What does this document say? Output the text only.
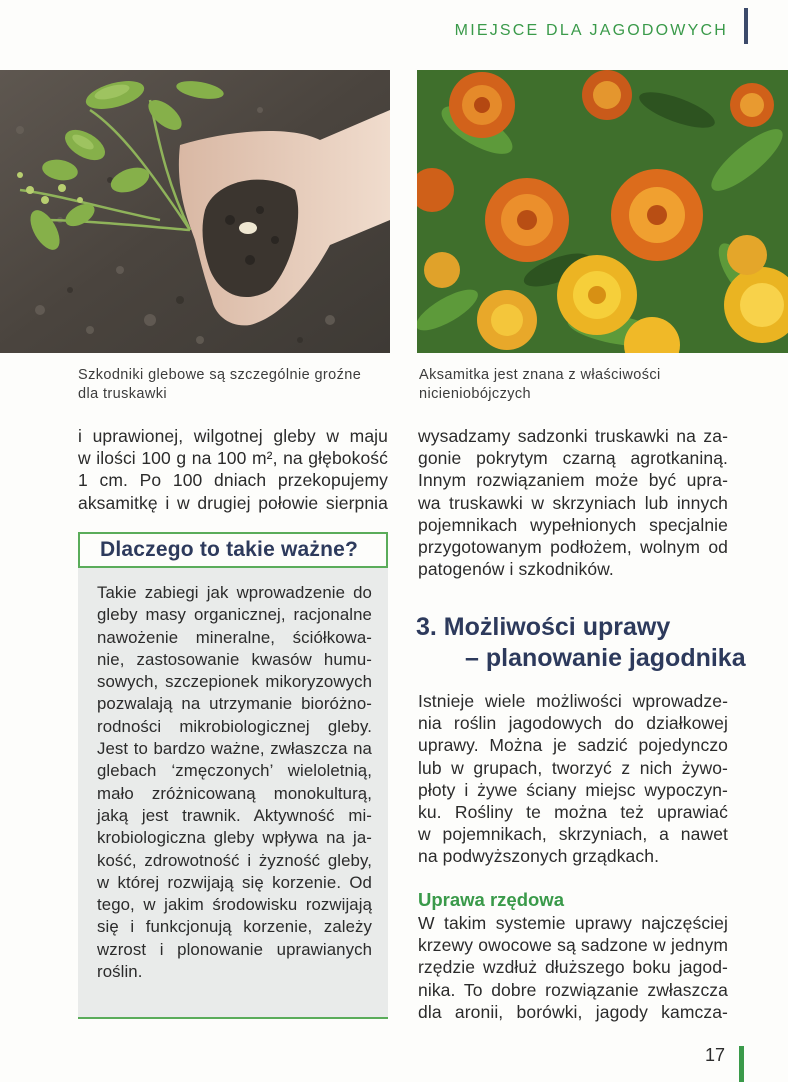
MIEJSCE DLA JAGODOWYCH
Szkodniki glebowe są szczególnie groźne dla truskawki
Aksamitka jest znana z właściwości nicieniobójczych
i uprawionej, wilgotnej gleby w maju
w ilości 100 g na 100 m², na głębokość
1 cm. Po 100 dniach przekopujemy
aksamitkę i w drugiej połowie sierpnia
Dlaczego to takie ważne?
Takie zabiegi jak wprowadzenie do
gleby masy organicznej, racjonalne
nawożenie mineralne, ściółkowa-
nie, zastosowanie kwasów humu-
sowych, szczepionek mikoryzowych
pozwalają na utrzymanie bioróżno-
rodności mikrobiologicznej gleby.
Jest to bardzo ważne, zwłaszcza na
glebach ‘zmęczonych’ wieloletnią,
mało zróżnicowaną monokulturą,
jaką jest trawnik. Aktywność mi-
krobiologiczna gleby wpływa na ja-
kość, zdrowotność i żyzność gleby,
w której rozwijają się korzenie. Od
tego, w jakim środowisku rozwijają
się i funkcjonują korzenie, zależy
wzrost i plonowanie uprawianych
roślin.
wysadzamy sadzonki truskawki na za-
gonie pokrytym czarną agrotkaniną.
Innym rozwiązaniem może być upra-
wa truskawki w skrzyniach lub innych
pojemnikach wypełnionych specjalnie
przygotowanym podłożem, wolnym od
patogenów i szkodników.
3. Możliwości uprawy
– planowanie jagodnika
Istnieje wiele możliwości wprowadze-
nia roślin jagodowych do działkowej
uprawy. Można je sadzić pojedynczo
lub w grupach, tworzyć z nich żywo-
płoty i żywe ściany miejsc wypoczyn-
ku. Rośliny te można też uprawiać
w pojemnikach, skrzyniach, a nawet
na podwyższonych grządkach.
Uprawa rzędowa
W takim systemie uprawy najczęściej
krzewy owocowe są sadzone w jednym
rzędzie wzdłuż dłuższego boku jagod-
nika. To dobre rozwiązanie zwłaszcza
dla aronii, borówki, jagody kamcza-
17
